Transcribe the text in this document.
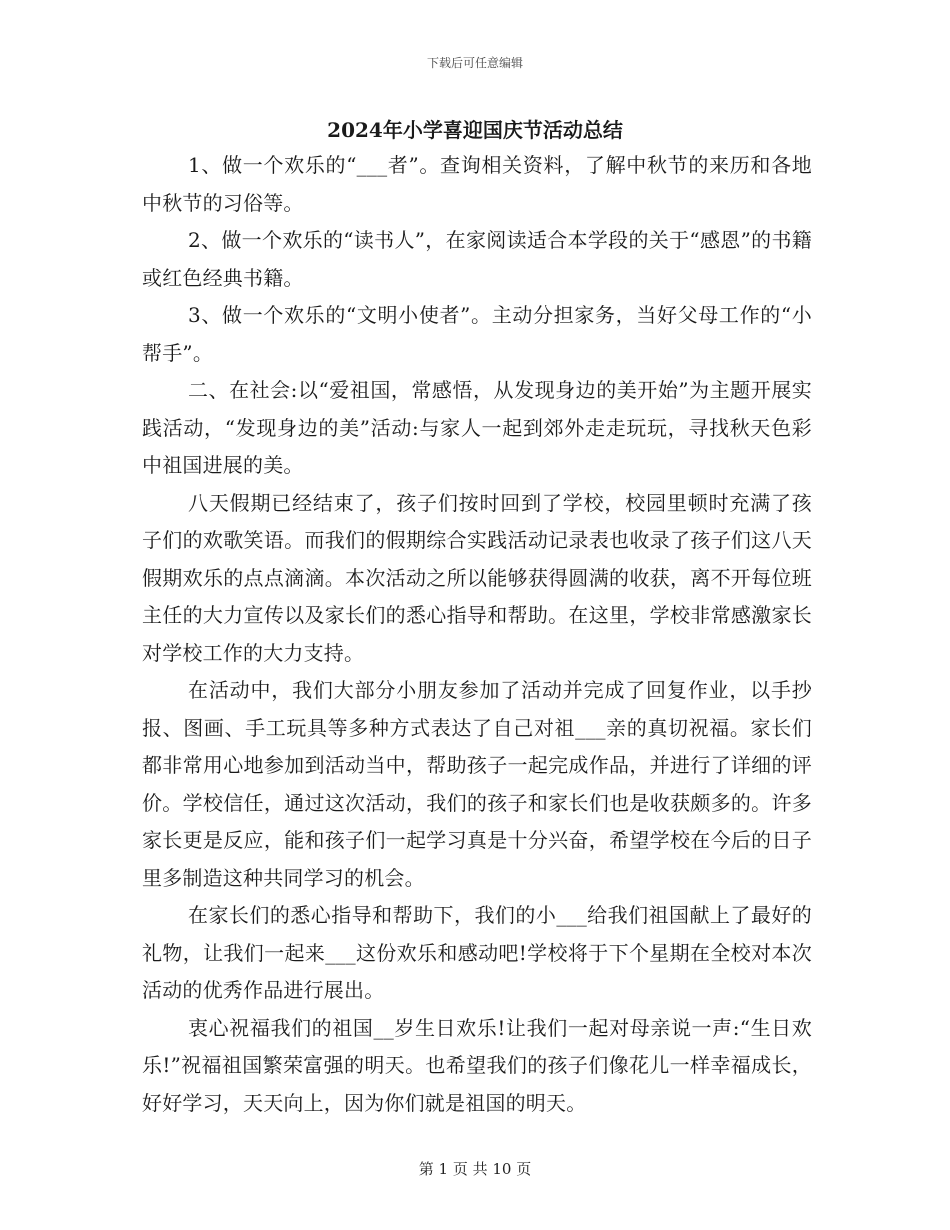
下载后可任意编辑
2024年小学喜迎国庆节活动总结

1、做一个欢乐的“___者”。查询相关资料，了解中秋节的来历和各地中秋节的习俗等。

2、做一个欢乐的“读书人”，在家阅读适合本学段的关于“感恩”的书籍或红色经典书籍。

3、做一个欢乐的“文明小使者”。主动分担家务，当好父母工作的“小帮手”。

二、在社会:以“爱祖国，常感悟，从发现身边的美开始”为主题开展实践活动，“发现身边的美”活动:与家人一起到郊外走走玩玩，寻找秋天色彩中祖国进展的美。

八天假期已经结束了，孩子们按时回到了学校，校园里顿时充满了孩子们的欢歌笑语。而我们的假期综合实践活动记录表也收录了孩子们这八天假期欢乐的点点滴滴。本次活动之所以能够获得圆满的收获，离不开每位班主任的大力宣传以及家长们的悉心指导和帮助。在这里，学校非常感激家长对学校工作的大力支持。

在活动中，我们大部分小朋友参加了活动并完成了回复作业，以手抄报、图画、手工玩具等多种方式表达了自己对祖___亲的真切祝福。家长们都非常用心地参加到活动当中，帮助孩子一起完成作品，并进行了详细的评价。学校信任，通过这次活动，我们的孩子和家长们也是收获颇多的。许多家长更是反应，能和孩子们一起学习真是十分兴奋，希望学校在今后的日子里多制造这种共同学习的机会。

在家长们的悉心指导和帮助下，我们的小___给我们祖国献上了最好的礼物，让我们一起来___这份欢乐和感动吧!学校将于下个星期在全校对本次活动的优秀作品进行展出。

衷心祝福我们的祖国__岁生日欢乐!让我们一起对母亲说一声:“生日欢乐!”祝福祖国繁荣富强的明天。也希望我们的孩子们像花儿一样幸福成长，好好学习，天天向上，因为你们就是祖国的明天。

第 1 页 共 10 页
